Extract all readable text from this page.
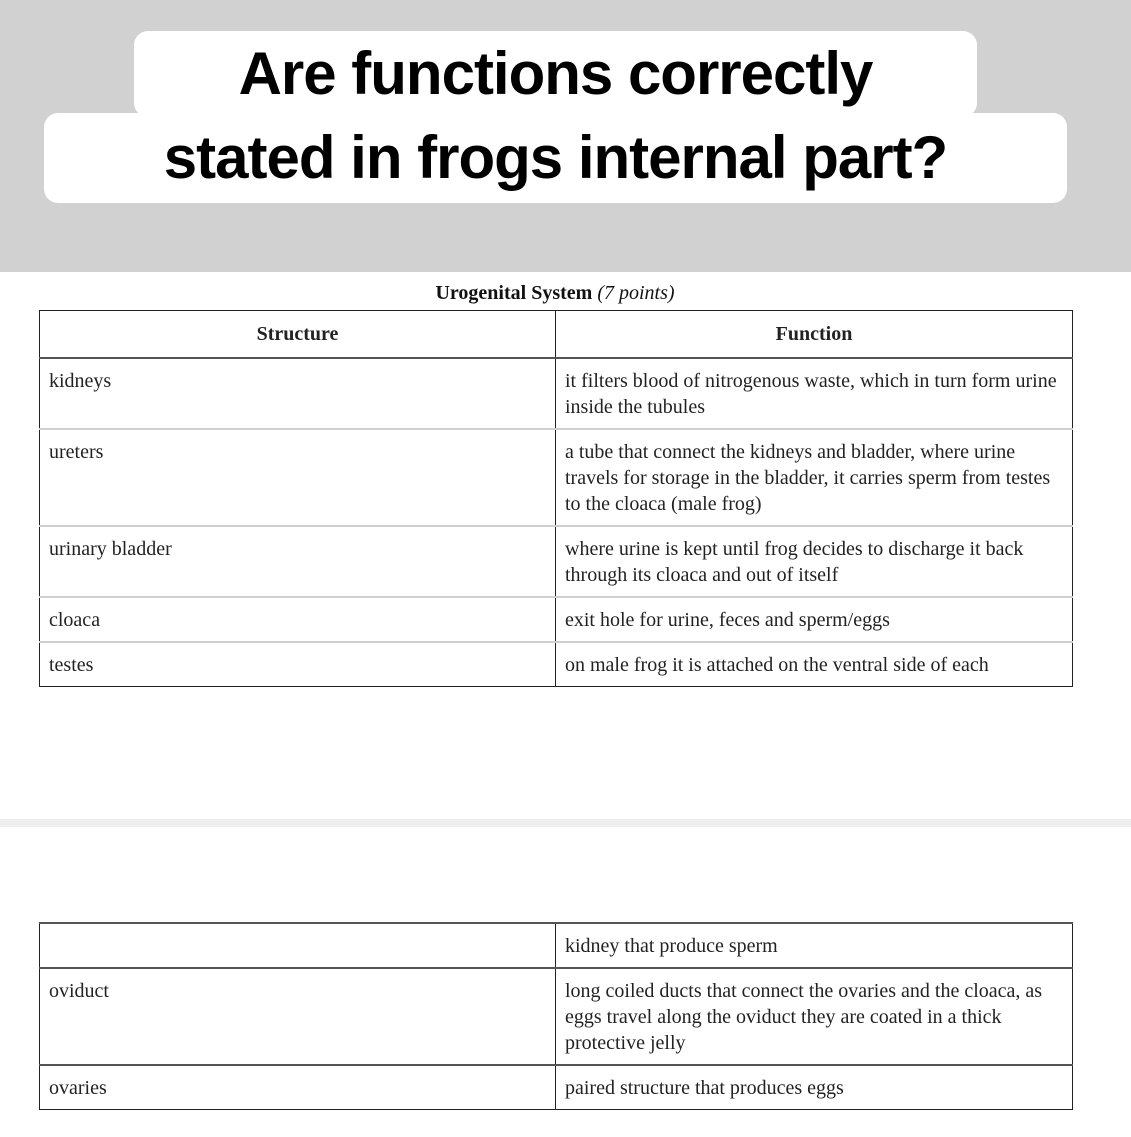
Are functions correctly
stated in frogs internal part?
Urogenital System (7 points)
Structure	Function
kidneys	it filters blood of nitrogenous waste, which in turn form urine inside the tubules
ureters	a tube that connect the kidneys and bladder, where urine travels for storage in the bladder, it carries sperm from testes to the cloaca (male frog)
urinary bladder	where urine is kept until frog decides to discharge it back through its cloaca and out of itself
cloaca	exit hole for urine, feces and sperm/eggs
testes	on male frog it is attached on the ventral side of each
	kidney that produce sperm
oviduct	long coiled ducts that connect the ovaries and the cloaca, as eggs travel along the oviduct they are coated in a thick protective jelly
ovaries	paired structure that produces eggs
